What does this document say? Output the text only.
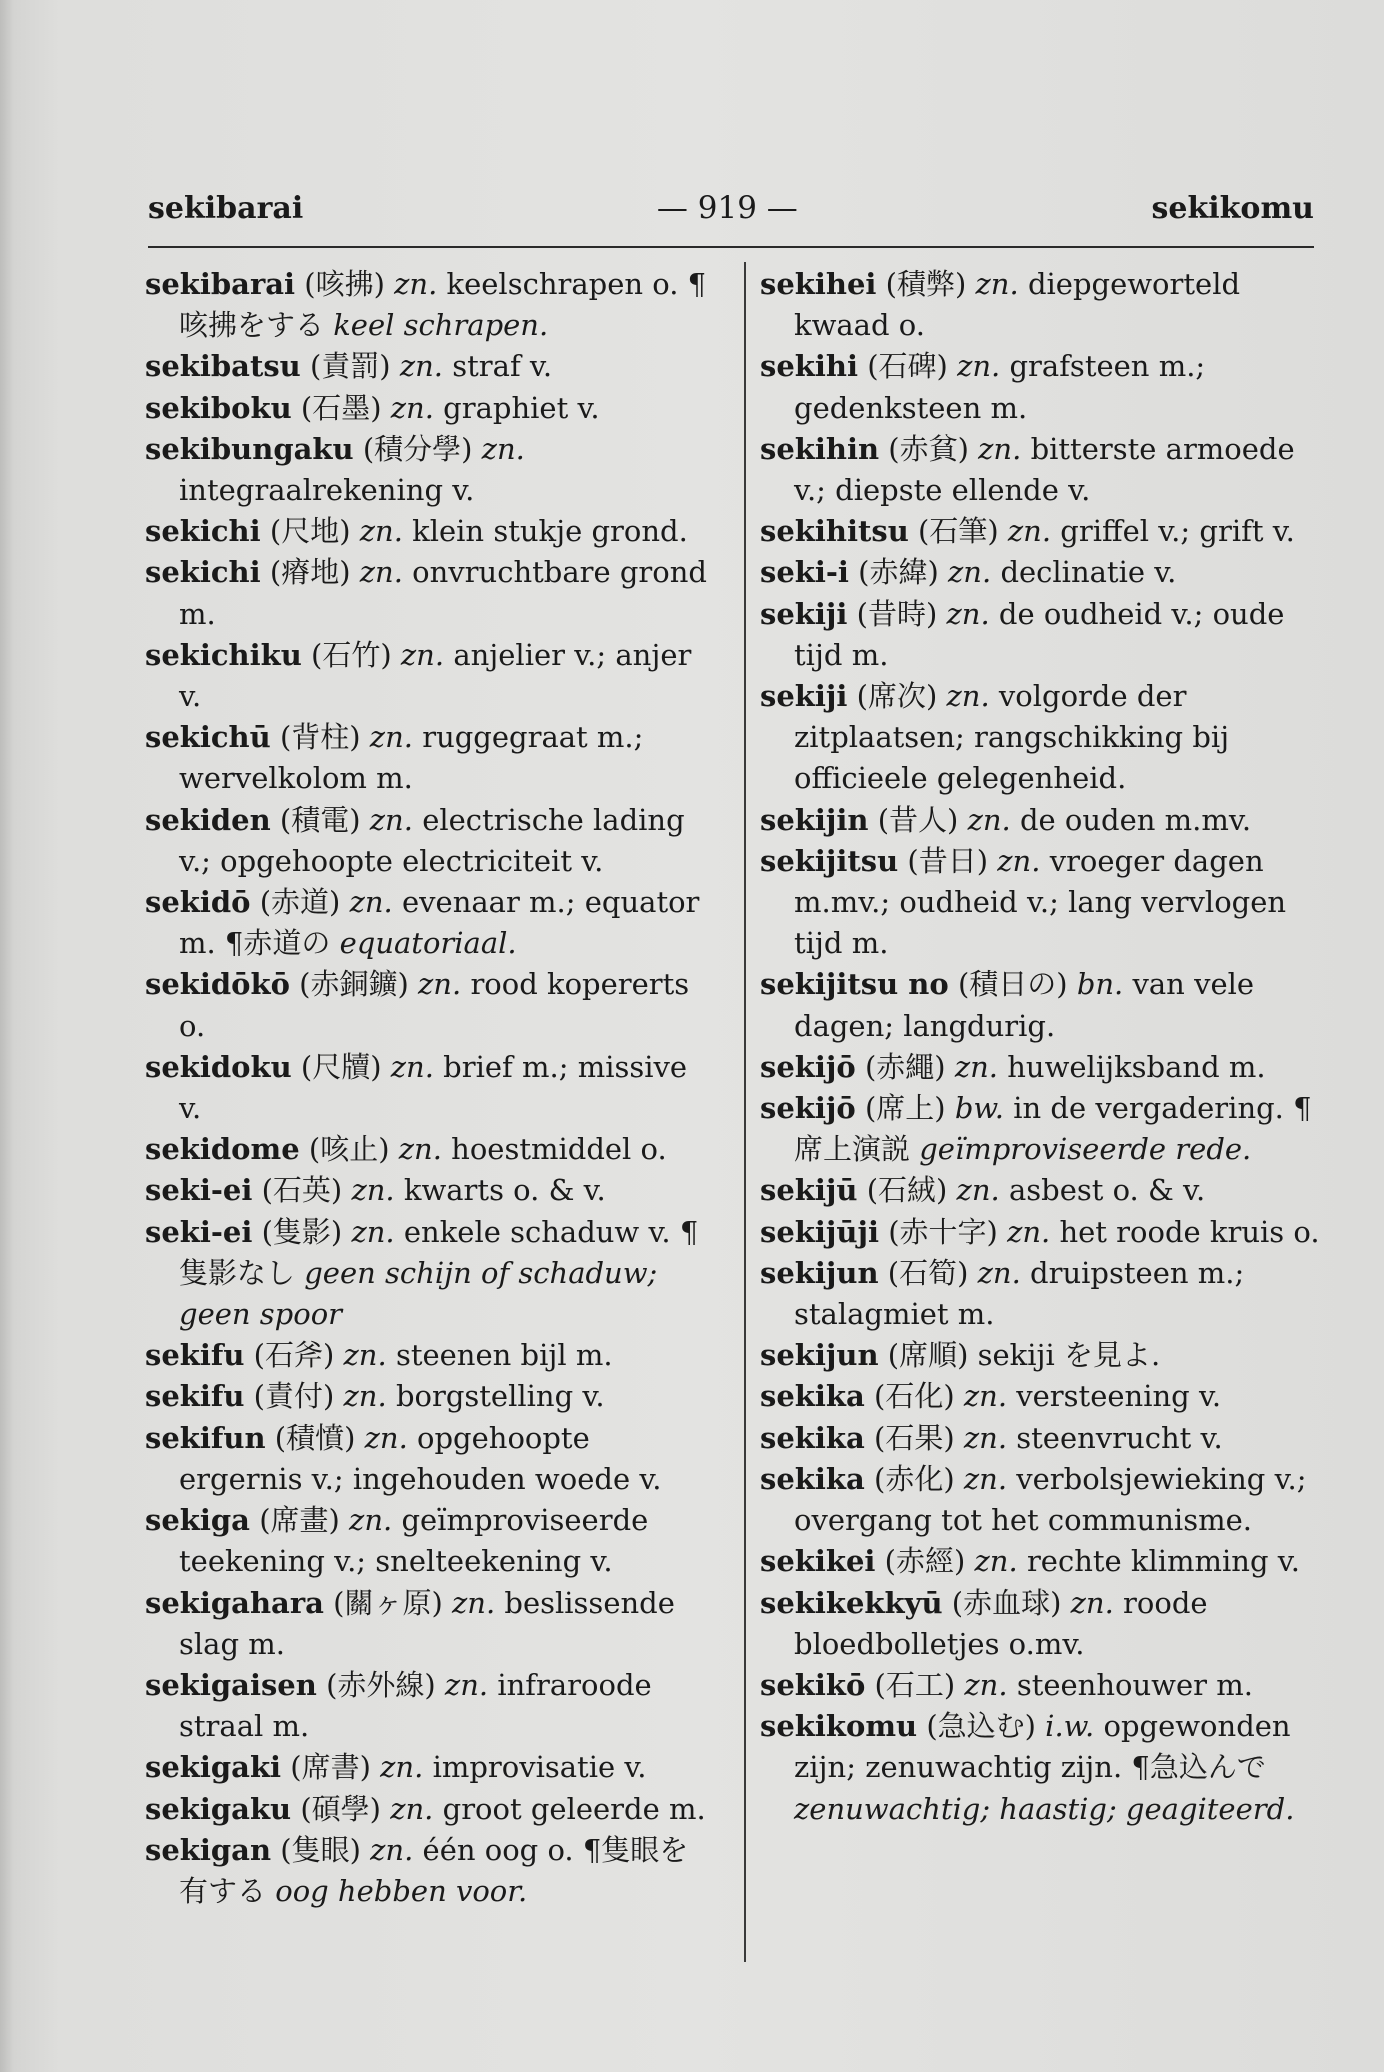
sekibarai	— 919 —	sekikomu

sekibarai (咳拂) zn. keelschrapen o. ¶咳拂をする keel schrapen.

sekibatsu (責罰) zn. straf v.

sekiboku (石墨) zn. graphiet v.

sekibungaku (積分學) zn. integraalrekening v.

sekichi (尺地) zn. klein stukje grond.

sekichi (瘠地) zn. onvruchtbare grond m.

sekichiku (石竹) zn. anjelier v.; anjer v.

sekichū (背柱) zn. ruggegraat m.; wervelkolom m.

sekiden (積電) zn. electrische lading v.; opgehoopte electriciteit v.

sekidō (赤道) zn. evenaar m.; equator m. ¶赤道の equatoriaal.

sekidōkō (赤銅鑛) zn. rood kopererts o.

sekidoku (尺牘) zn. brief m.; missive v.

sekidome (咳止) zn. hoestmiddel o.

seki-ei (石英) zn. kwarts o. & v.

seki-ei (隻影) zn. enkele schaduw v. ¶隻影なし geen schijn of schaduw; geen spoor

sekifu (石斧) zn. steenen bijl m.

sekifu (責付) zn. borgstelling v.

sekifun (積憤) zn. opgehoopte ergernis v.; ingehouden woede v.

sekiga (席畫) zn. geïmproviseerde teekening v.; snelteekening v.

sekigahara (關ヶ原) zn. beslissende slag m.

sekigaisen (赤外線) zn. infraroode straal m.

sekigaki (席書) zn. improvisatie v.

sekigaku (碩學) zn. groot geleerde m.

sekigan (隻眼) zn. één oog o. ¶隻眼を有する oog hebben voor.

sekihei (積弊) zn. diepgeworteld kwaad o.

sekihi (石碑) zn. grafsteen m.; gedenksteen m.

sekihin (赤貧) zn. bitterste armoede v.; diepste ellende v.

sekihitsu (石筆) zn. griffel v.; grift v.

seki-i (赤緯) zn. declinatie v.

sekiji (昔時) zn. de oudheid v.; oude tijd m.

sekiji (席次) zn. volgorde der zitplaatsen; rangschikking bij officieele gelegenheid.

sekijin (昔人) zn. de ouden m.mv.

sekijitsu (昔日) zn. vroeger dagen m.mv.; oudheid v.; lang vervlogen tijd m.

sekijitsu no (積日の) bn. van vele dagen; langdurig.

sekijō (赤繩) zn. huwelijksband m.

sekijō (席上) bw. in de vergadering. ¶席上演説 geïmproviseerde rede.

sekijū (石絨) zn. asbest o. & v.

sekijūji (赤十字) zn. het roode kruis o.

sekijun (石筍) zn. druipsteen m.; stalagmiet m.

sekijun (席順) sekiji を見よ.

sekika (石化) zn. versteening v.

sekika (石果) zn. steenvrucht v.

sekika (赤化) zn. verbolsjewieking v.; overgang tot het communisme.

sekikei (赤經) zn. rechte klimming v.

sekikekkyū (赤血球) zn. roode bloedbolletjes o.mv.

sekikō (石工) zn. steenhouwer m.

sekikomu (急込む) i.w. opgewonden zijn; zenuwachtig zijn. ¶急込んで zenuwachtig; haastig; geagiteerd.
